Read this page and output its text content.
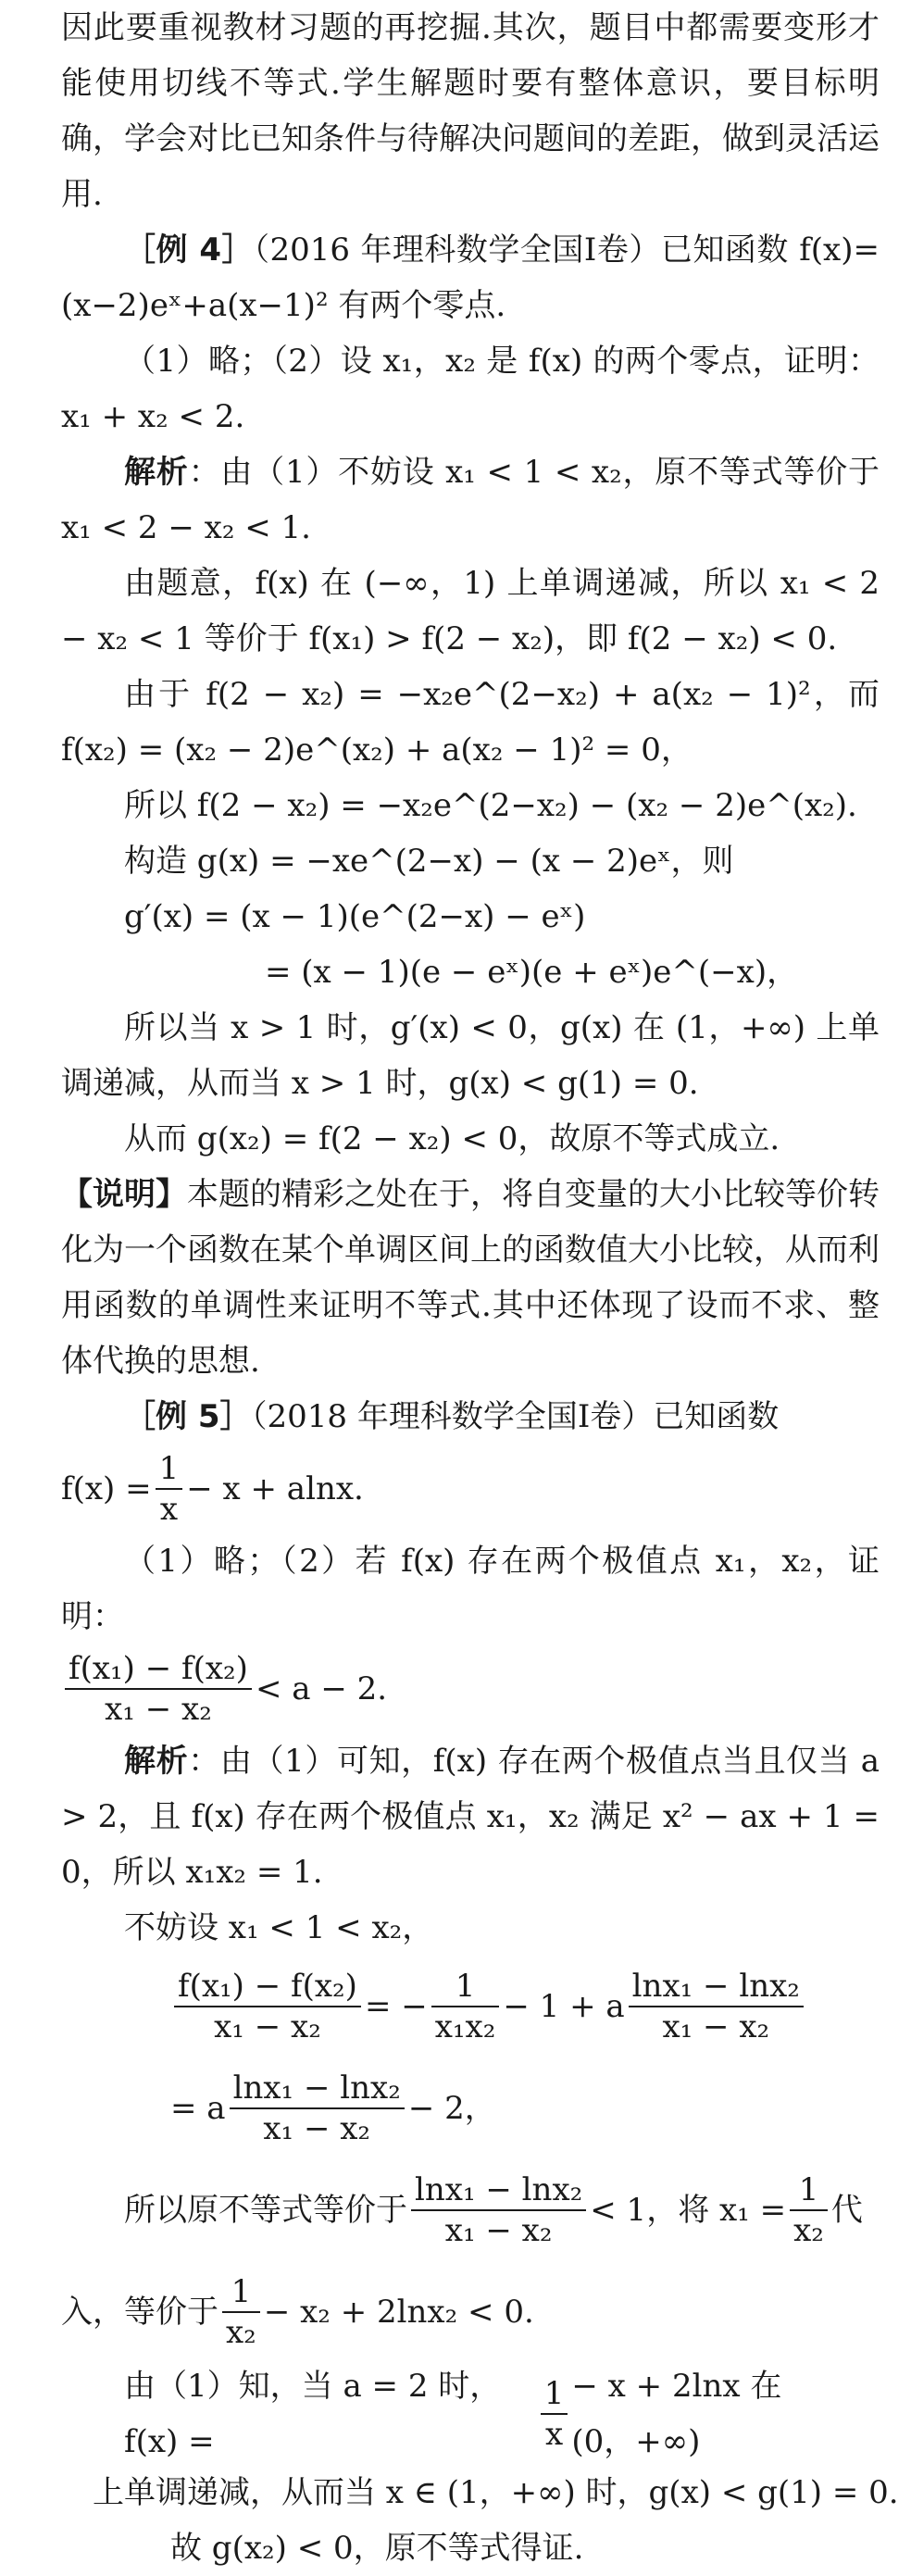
因此要重视教材习题的再挖掘.其次，题目中都需要变形才能使用切线不等式.学生解题时要有整体意识，要目标明确，学会对比已知条件与待解决问题间的差距，做到灵活运用.

［例 4］（2016 年理科数学全国Ⅰ卷）已知函数 f(x)=(x−2)eˣ+a(x−1)² 有两个零点.

（1）略；（2）设 x₁，x₂ 是 f(x) 的两个零点，证明：x₁ + x₂ < 2.

解析：由（1）不妨设 x₁ < 1 < x₂，原不等式等价于 x₁ < 2 − x₂ < 1.

由题意，f(x) 在 (−∞，1) 上单调递减，所以 x₁ < 2 − x₂ < 1 等价于 f(x₁) > f(2 − x₂)，即 f(2 − x₂) < 0.

由于 f(2 − x₂) = −x₂e^(2−x₂) + a(x₂ − 1)²，而 f(x₂) = (x₂ − 2)e^(x₂) + a(x₂ − 1)² = 0，

所以 f(2 − x₂) = −x₂e^(2−x₂) − (x₂ − 2)e^(x₂).

构造 g(x) = −xe^(2−x) − (x − 2)eˣ，则

g′(x) = (x − 1)(e^(2−x) − eˣ)

= (x − 1)(e − eˣ)(e + eˣ)e^(−x)，

所以当 x > 1 时，g′(x) < 0，g(x) 在 (1，+∞) 上单调递减，从而当 x > 1 时，g(x) < g(1) = 0.

从而 g(x₂) = f(2 − x₂) < 0，故原不等式成立.

【说明】本题的精彩之处在于，将自变量的大小比较等价转化为一个函数在某个单调区间上的函数值大小比较，从而利用函数的单调性来证明不等式.其中还体现了设而不求、整体代换的思想.

［例 5］（2018 年理科数学全国Ⅰ卷）已知函数

$f(x) = \frac{1}{x} - x + alnx$.

（1）略；（2）若 f(x) 存在两个极值点 x₁，x₂，证明：

$\frac{\text{f(x₁) − f(x₂)}}{\text{x₁ − x₂}} < a - 2$.

解析：由（1）可知，f(x) 存在两个极值点当且仅当 a > 2，且 f(x) 存在两个极值点 x₁，x₂ 满足 x² − ax + 1 = 0，所以 x₁x₂ = 1.

不妨设 x₁ < 1 < x₂，

$\frac{\text{f(x₁) − f(x₂)}}{\text{x₁ − x₂}}$ = − $\frac{1}{\text{x₁x₂}} - 1 + a \frac{\text{lnx₁ − lnx₂}}{\text{x₁ − x₂}}$
= a $\frac{\text{lnx₁ − lnx₂}}{\text{x₁ − x₂}} - 2$，
所以原不等式等价于 $\frac{\text{lnx₁ − lnx₂}}{\text{x₁ − x₂}} < 1$，将 $x_1 = \frac{1}{\text{x₂}}$ 代
入，等价于 $\frac{1}{\text{x₂}} - x_2 + 2\ln x_2 < 0$.
由（1）知，当 a = 2 时，f(x) =	$\frac{1}{x} - x + 2\ln x$ 在 (0，+∞)

上单调递减，从而当 x ∈ (1，+∞) 时，g(x) < g(1) = 0.

故 g(x₂) < 0，原不等式得证.
